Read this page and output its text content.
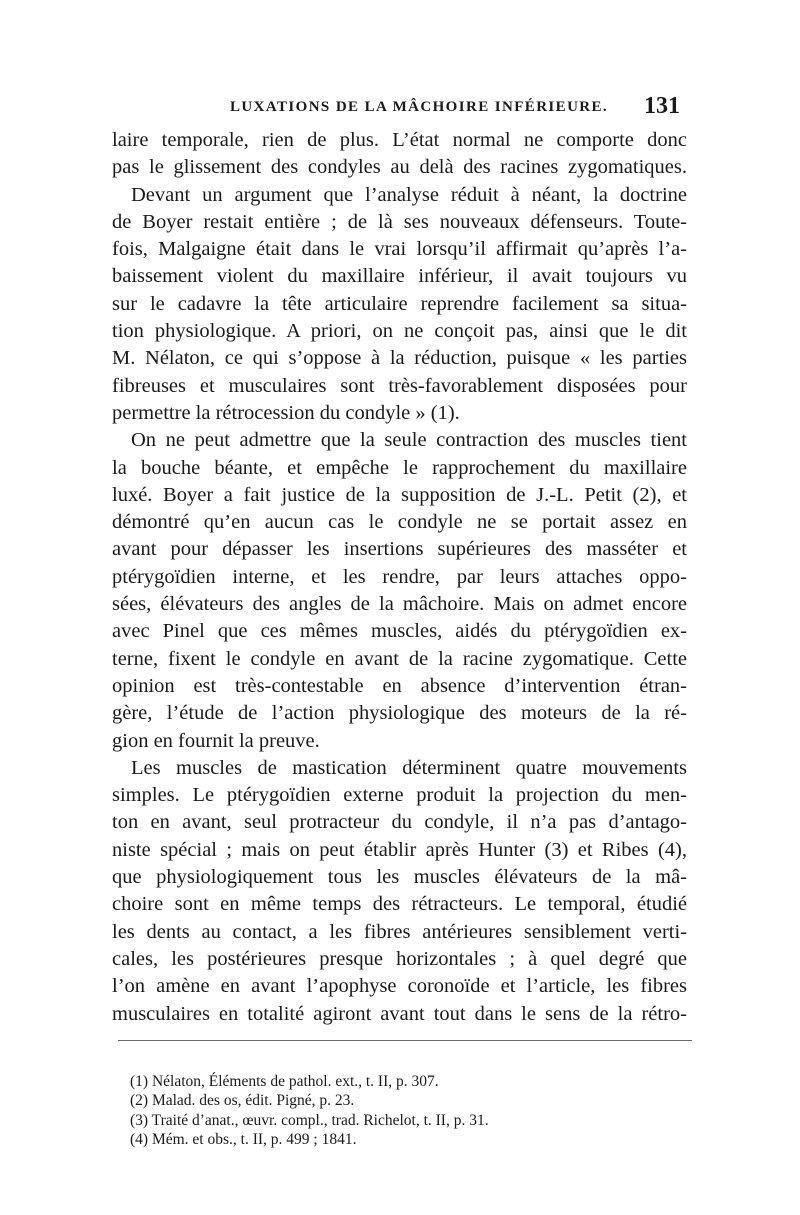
LUXATIONS DE LA MÂCHOIRE INFÉRIEURE. 131
laire temporale, rien de plus. L’état normal ne comporte donc
pas le glissement des condyles au delà des racines zygomatiques.
Devant un argument que l’analyse réduit à néant, la doctrine
de Boyer restait entière ; de là ses nouveaux défenseurs. Toute-
fois, Malgaigne était dans le vrai lorsqu’il affirmait qu’après l’a-
baissement violent du maxillaire inférieur, il avait toujours vu
sur le cadavre la tête articulaire reprendre facilement sa situa-
tion physiologique. A priori, on ne conçoit pas, ainsi que le dit
M. Nélaton, ce qui s’oppose à la réduction, puisque « les parties
fibreuses et musculaires sont très-favorablement disposées pour
permettre la rétrocession du condyle » (1).
On ne peut admettre que la seule contraction des muscles tient
la bouche béante, et empêche le rapprochement du maxillaire
luxé. Boyer a fait justice de la supposition de J.-L. Petit (2), et
démontré qu’en aucun cas le condyle ne se portait assez en
avant pour dépasser les insertions supérieures des masséter et
ptérygoïdien interne, et les rendre, par leurs attaches oppo-
sées, élévateurs des angles de la mâchoire. Mais on admet encore
avec Pinel que ces mêmes muscles, aidés du ptérygoïdien ex-
terne, fixent le condyle en avant de la racine zygomatique. Cette
opinion est très-contestable en absence d’intervention étran-
gère, l’étude de l’action physiologique des moteurs de la ré-
gion en fournit la preuve.
Les muscles de mastication déterminent quatre mouvements
simples. Le ptérygoïdien externe produit la projection du men-
ton en avant, seul protracteur du condyle, il n’a pas d’antago-
niste spécial ; mais on peut établir après Hunter (3) et Ribes (4),
que physiologiquement tous les muscles élévateurs de la mâ-
choire sont en même temps des rétracteurs. Le temporal, étudié
les dents au contact, a les fibres antérieures sensiblement verti-
cales, les postérieures presque horizontales ; à quel degré que
l’on amène en avant l’apophyse coronoïde et l’article, les fibres
musculaires en totalité agiront avant tout dans le sens de la rétro-
(1) Nélaton, Éléments de pathol. ext., t. II, p. 307.
(2) Malad. des os, édit. Pigné, p. 23.
(3) Traité d’anat., œuvr. compl., trad. Richelot, t. II, p. 31.
(4) Mém. et obs., t. II, p. 499 ; 1841.
